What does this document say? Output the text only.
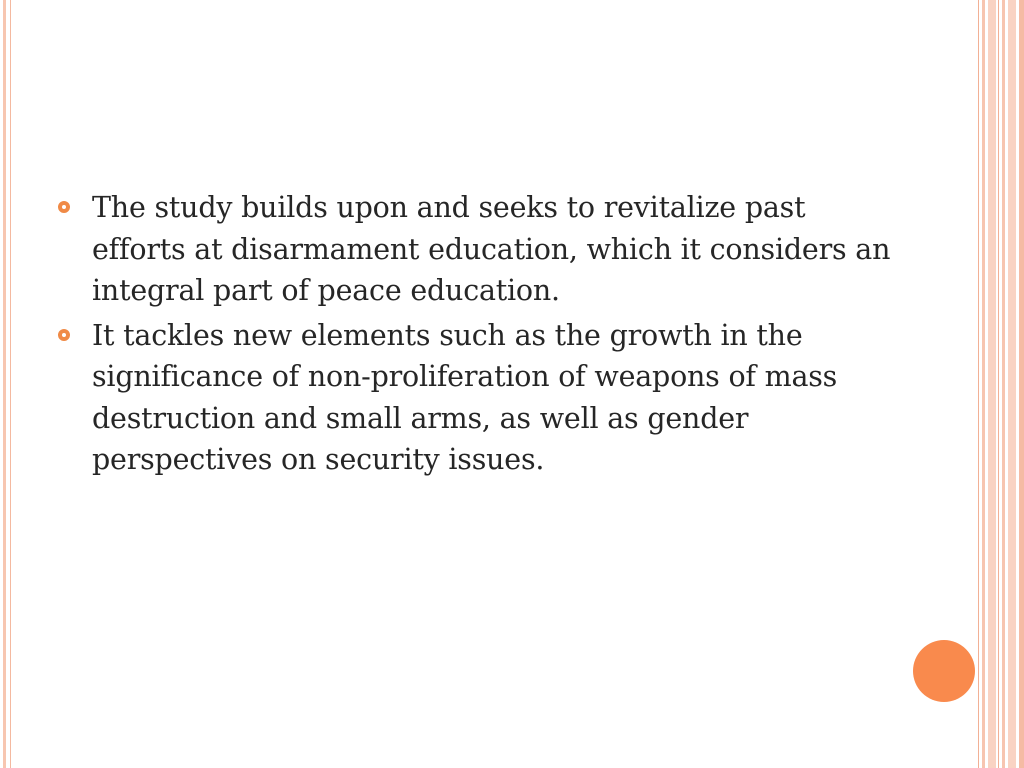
The study builds upon and seeks to revitalize past efforts at disarmament education, which it considers an integral part of peace education.
It tackles new elements such as the growth in the significance of non-proliferation of weapons of mass destruction and small arms, as well as gender perspectives on security issues.
